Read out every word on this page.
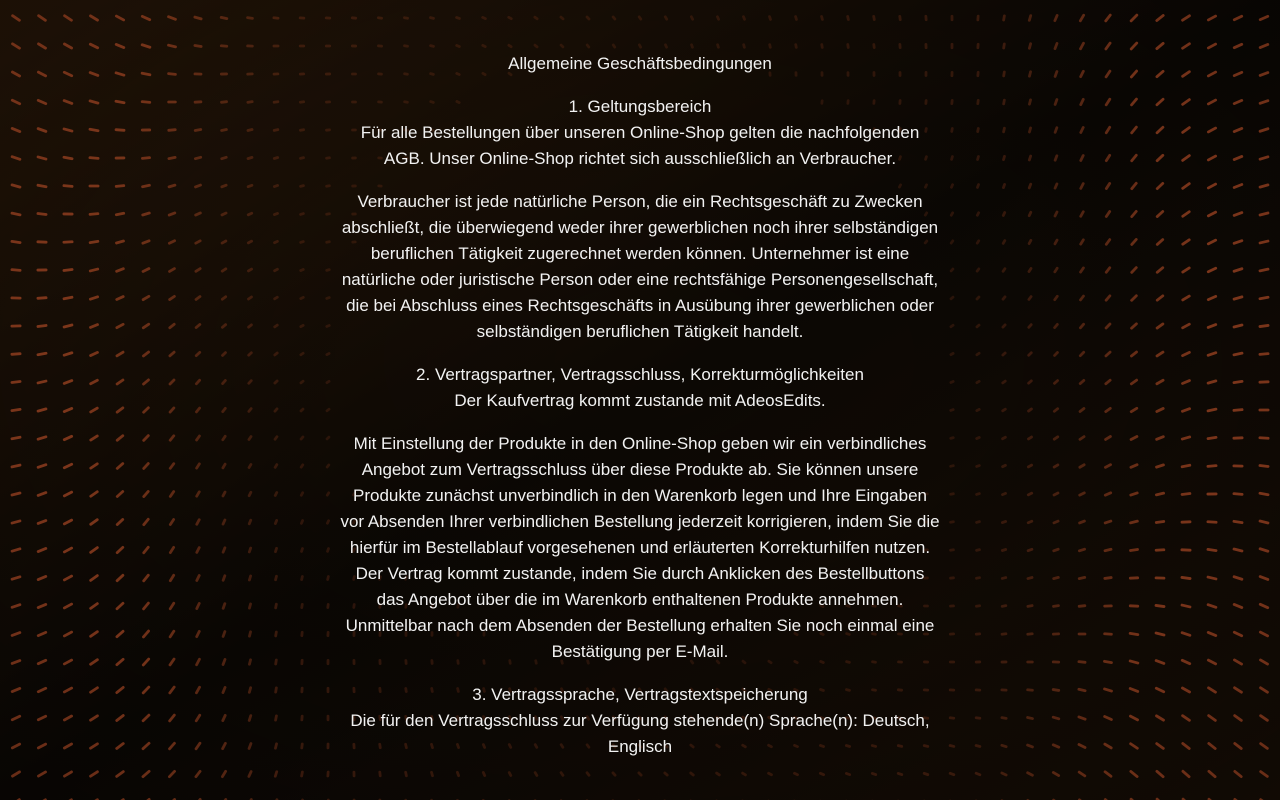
Allgemeine Geschäftsbedingungen

1. Geltungsbereich

Für alle Bestellungen über unseren Online-Shop gelten die nachfolgenden AGB. Unser Online-Shop richtet sich ausschließlich an Verbraucher.

Verbraucher ist jede natürliche Person, die ein Rechtsgeschäft zu Zwecken abschließt, die überwiegend weder ihrer gewerblichen noch ihrer selbständigen beruflichen Tätigkeit zugerechnet werden können. Unternehmer ist eine natürliche oder juristische Person oder eine rechtsfähige Personengesellschaft, die bei Abschluss eines Rechtsgeschäfts in Ausübung ihrer gewerblichen oder selbständigen beruflichen Tätigkeit handelt.

2. Vertragspartner, Vertragsschluss, Korrekturmöglichkeiten

Der Kaufvertrag kommt zustande mit AdeosEdits.

Mit Einstellung der Produkte in den Online-Shop geben wir ein verbindliches Angebot zum Vertragsschluss über diese Produkte ab. Sie können unsere Produkte zunächst unverbindlich in den Warenkorb legen und Ihre Eingaben vor Absenden Ihrer verbindlichen Bestellung jederzeit korrigieren, indem Sie die hierfür im Bestellablauf vorgesehenen und erläuterten Korrekturhilfen nutzen. Der Vertrag kommt zustande, indem Sie durch Anklicken des Bestellbuttons das Angebot über die im Warenkorb enthaltenen Produkte annehmen. Unmittelbar nach dem Absenden der Bestellung erhalten Sie noch einmal eine Bestätigung per E-Mail.

3. Vertragssprache, Vertragstextspeicherung

Die für den Vertragsschluss zur Verfügung stehende(n) Sprache(n): Deutsch, Englisch
